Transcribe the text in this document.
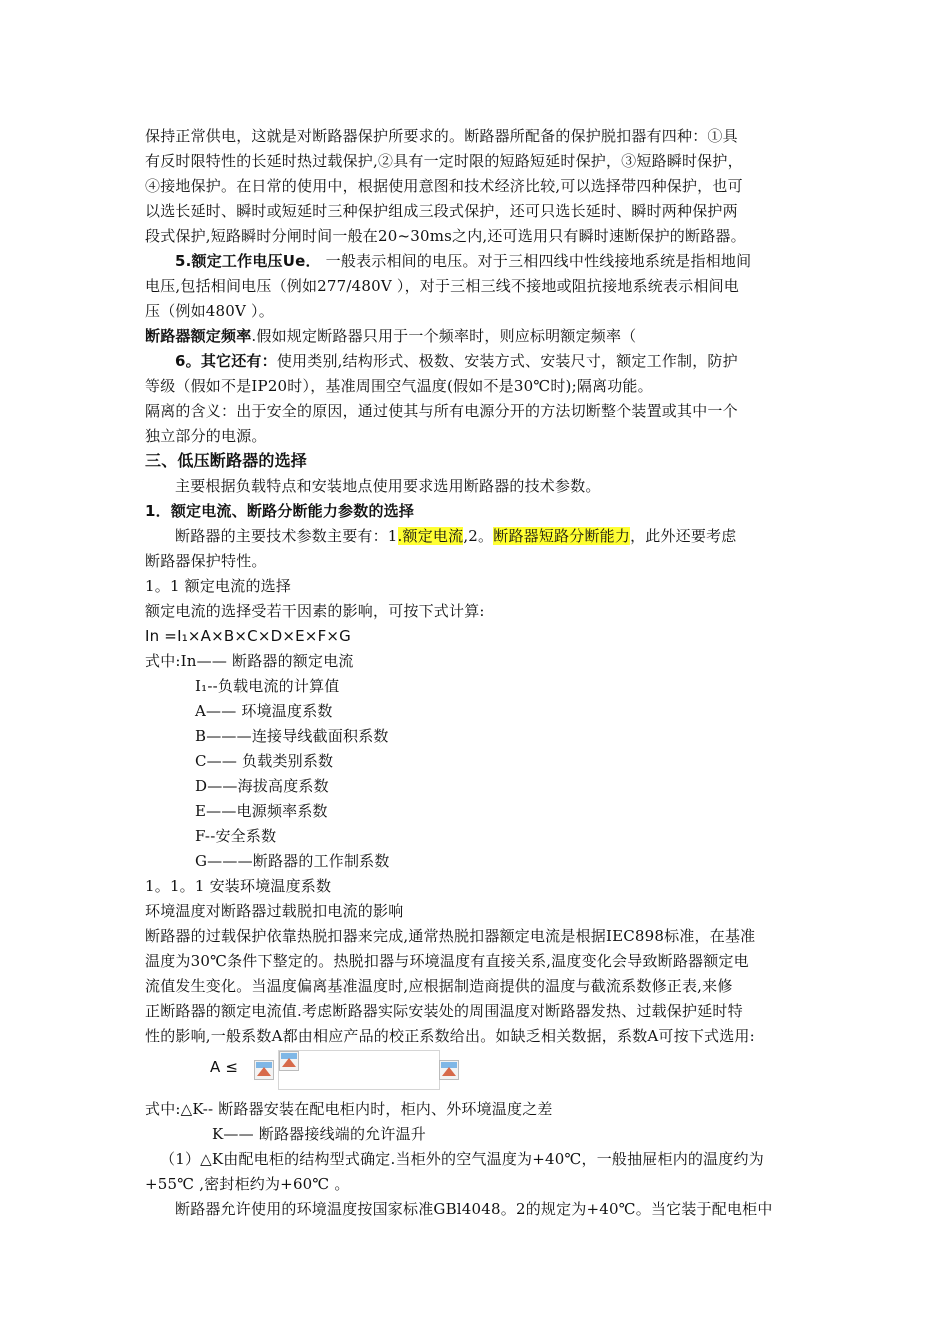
保持正常供电，这就是对断路器保护所要求的。断路器所配备的保护脱扣器有四种：①具
有反时限特性的长延时热过载保护,②具有一定时限的短路短延时保护，③短路瞬时保护，
④接地保护。在日常的使用中，根据使用意图和技术经济比较,可以选择带四种保护，也可
以选长延时、瞬时或短延时三种保护组成三段式保护，还可只选长延时、瞬时两种保护两
段式保护,短路瞬时分闸时间一般在20~30ms之内,还可选用只有瞬时速断保护的断路器。
5.额定工作电压Ue． 一般表示相间的电压。对于三相四线中性线接地系统是指相地间
电压,包括相间电压（例如277/480V ），对于三相三线不接地或阻抗接地系统表示相间电
压（例如480V ）。
断路器额定频率.假如规定断路器只用于一个频率时，则应标明额定频率（
6。其它还有：使用类别,结构形式、极数、安装方式、安装尺寸，额定工作制，防护
等级（假如不是IP20时），基准周围空气温度(假如不是30℃时);隔离功能。
隔离的含义：出于安全的原因，通过使其与所有电源分开的方法切断整个装置或其中一个
独立部分的电源。
三、低压断路器的选择
主要根据负载特点和安装地点使用要求选用断路器的技术参数。
1．额定电流、断路分断能力参数的选择
断路器的主要技术参数主要有：1.额定电流,2。断路器短路分断能力，此外还要考虑
断路器保护特性。
1。1 额定电流的选择
额定电流的选择受若干因素的影响，可按下式计算:
In =I₁×A×B×C×D×E×F×G
式中:In—— 断路器的额定电流
I₁--负载电流的计算值
A—— 环境温度系数
B———连接导线截面积系数
C—— 负载类别系数
D——海拔高度系数
E——电源频率系数
F--安全系数
G———断路器的工作制系数
1。1。1 安装环境温度系数
环境温度对断路器过载脱扣电流的影响
断路器的过载保护依靠热脱扣器来完成,通常热脱扣器额定电流是根据IEC898标准，在基准
温度为30℃条件下整定的。热脱扣器与环境温度有直接关系,温度变化会导致断路器额定电
流值发生变化。当温度偏离基准温度时,应根据制造商提供的温度与截流系数修正表,来修
正断路器的额定电流值.考虑断路器实际安装处的周围温度对断路器发热、过载保护延时特
性的影响,一般系数A都由相应产品的校正系数给出。如缺乏相关数据，系数A可按下式选用:
A ≤
式中:△K-- 断路器安装在配电柜内时，柜内、外环境温度之差
K—— 断路器接线端的允许温升
（1）△K由配电柜的结构型式确定.当柜外的空气温度为+40℃，一般抽屉柜内的温度约为
+55℃ ,密封柜约为+60℃ 。
断路器允许使用的环境温度按国家标准GBl4048。2的规定为+40℃。当它装于配电柜中
